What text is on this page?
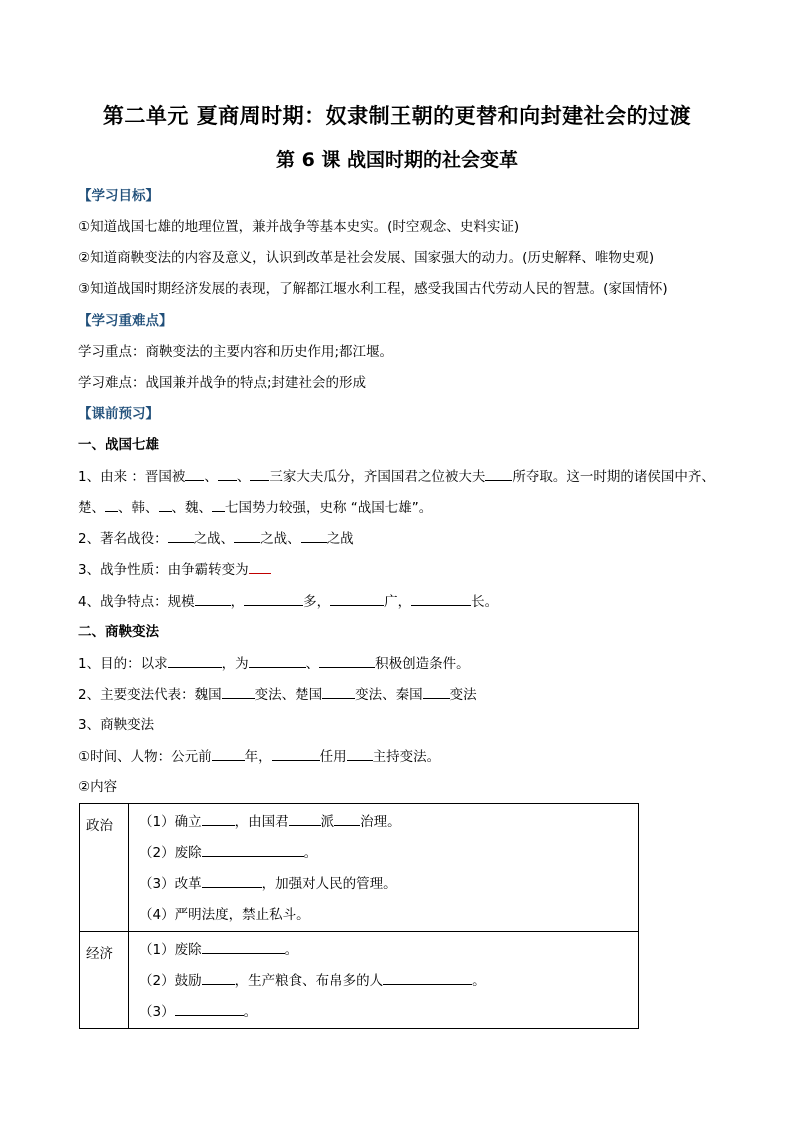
第二单元 夏商周时期：奴隶制王朝的更替和向封建社会的过渡
第 6 课 战国时期的社会变革
【学习目标】
①知道战国七雄的地理位置，兼并战争等基本史实。(时空观念、史料实证)
②知道商鞅变法的内容及意义，认识到改革是社会发展、国家强大的动力。(历史解释、唯物史观)
③知道战国时期经济发展的表现，了解都江堰水利工程，感受我国古代劳动人民的智慧。(家国情怀)
【学习重难点】
学习重点：商鞅变法的主要内容和历史作用;都江堰。
学习难点：战国兼并战争的特点;封建社会的形成
【课前预习】
一、战国七雄
1、由来 ：晋国被 、 、 三家大夫瓜分，齐国国君之位被大夫 所夺取。这一时期的诸侯国中齐、
楚、 、韩、 、魏、 七国势力较强，史称 “战国七雄”。
2、著名战役： 之战、 之战、 之战
3、战争性质：由争霸转变为
4、战争特点：规模	，	多，	广，	长。
二、商鞅变法
1、目的：以求	，为	、	积极创造条件。
2、主要变法代表：魏国 变法、楚国 变法、秦国 变法
3、商鞅变法
①时间、人物：公元前 年，	任用 主持变法。
②内容
政治	（1）确立 ，由国君 派 治理。
（2）废除 。
（3）改革 ，加强对人民的管理。
（4）严明法度，禁止私斗。

经济	（1）废除 。
（2）鼓励 ，生产粮食、布帛多的人 。
（3） 。
